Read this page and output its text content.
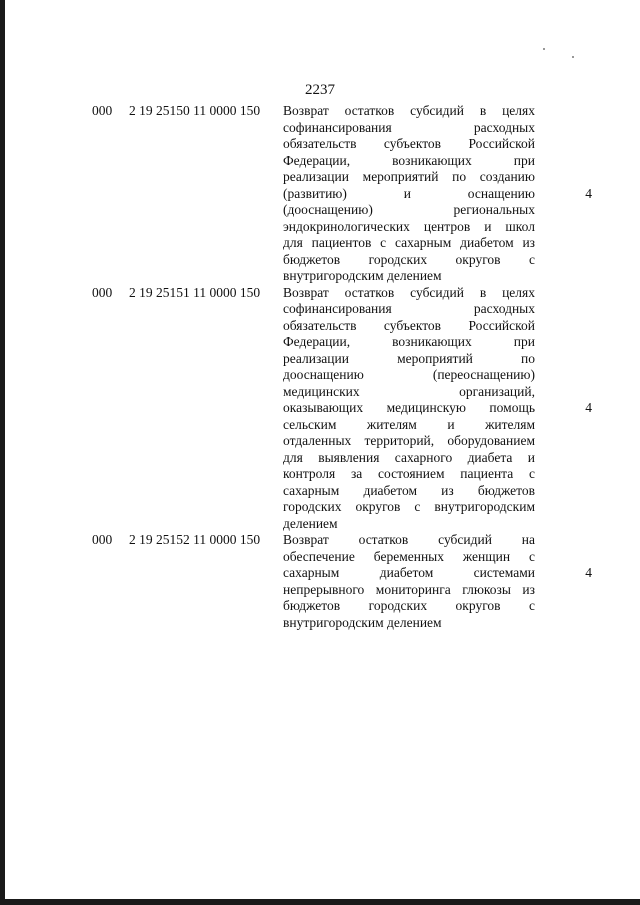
2237
000	2 19 25150 11 0000 150	Возврат остатков субсидий в целях
софинансирования расходных
обязательств субъектов Российской
Федерации, возникающих при
реализации мероприятий по созданию
(развитию) и оснащению
(дооснащению) региональных
эндокринологических центров и школ
для пациентов с сахарным диабетом из
бюджетов городских округов с
внутригородским делением
4
000	2 19 25151 11 0000 150	Возврат остатков субсидий в целях
софинансирования расходных
обязательств субъектов Российской
Федерации, возникающих при
реализации мероприятий по
дооснащению (переоснащению)
медицинских организаций,
оказывающих медицинскую помощь
сельским жителям и жителям
отдаленных территорий, оборудованием
для выявления сахарного диабета и
контроля за состоянием пациента с
сахарным диабетом из бюджетов
городских округов с внутригородским
делением
4
000	2 19 25152 11 0000 150	Возврат остатков субсидий на
обеспечение беременных женщин с
сахарным диабетом системами
непрерывного мониторинга глюкозы из
бюджетов городских округов с
внутригородским делением
4
